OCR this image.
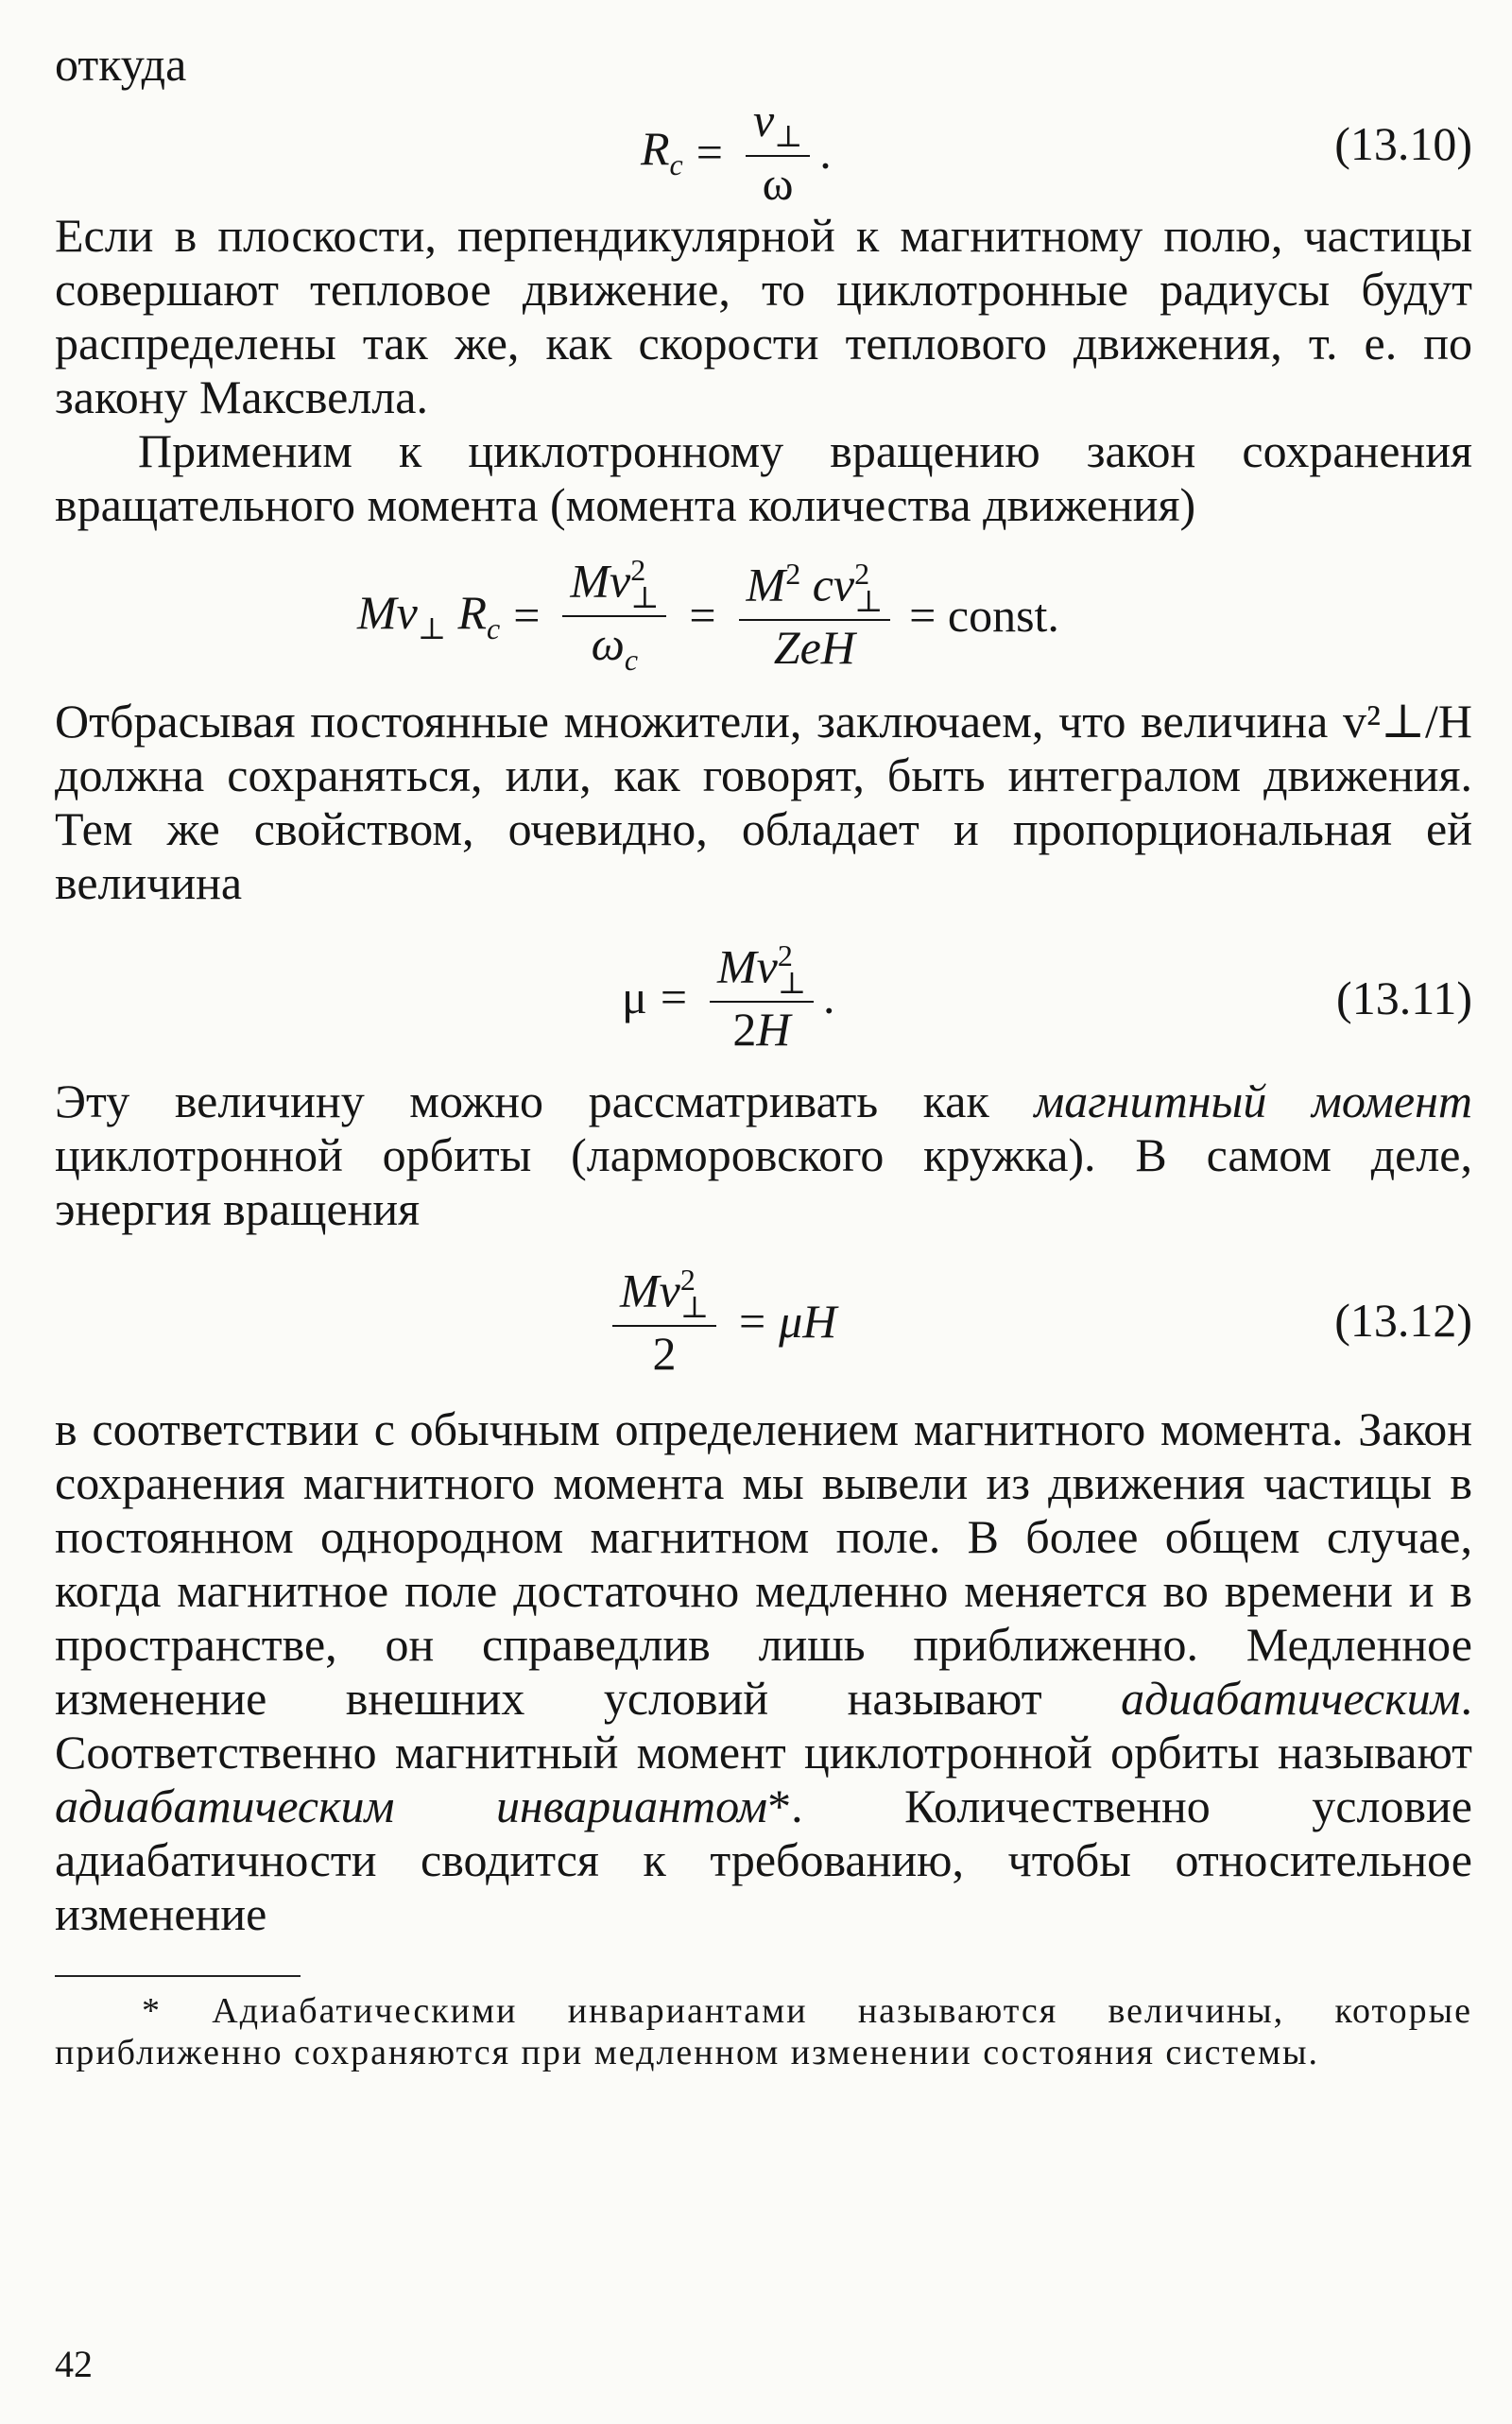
откуда

$R_c = \frac{v_\perp}{\omega}$ .	(13.10)

Если в плоскости, перпендикулярной к магнитному полю, частицы совершают тепловое движение, то циклотронные радиусы будут распределены так же, как скорости теплового движения, т. е. по закону Максвелла.

Применим к циклотронному вращению закон сохранения вращательного момента (момента количества движения)

$Mv_\perp$ $R_c = \frac{Mv^2_\perp}{\omega_c} = \frac{M^2 cv^2_\perp}{\text{ZeH}}$ = const.

Отбрасывая постоянные множители, заключаем, что величина v²⊥/H должна сохраняться, или, как говорят, быть интегралом движения. Тем же свойством, очевидно, обладает и пропорциональная ей величина

$\mu = \frac{Mv^2_\perp}{2H}$ .	(13.11)

Эту величину можно рассматривать как магнитный момент циклотронной орбиты (ларморовского кружка). В самом деле, энергия вращения

$\frac{Mv^2_\perp}{2} = \mu H$	(13.12)

в соответствии с обычным определением магнитного момента. Закон сохранения магнитного момента мы вывели из движения частицы в постоянном однородном магнитном поле. В более общем случае, когда магнитное поле достаточно медленно меняется во времени и в пространстве, он справедлив лишь приближенно. Медленное изменение внешних условий называют адиабатическим. Соответственно магнитный момент циклотронной орбиты называют адиабатическим инвариантом*. Количественно условие адиабатичности сводится к требованию, чтобы относительное изменение

* Адиабатическими инвариантами называются величины, которые приближенно сохраняются при медленном изменении состояния системы.

42
